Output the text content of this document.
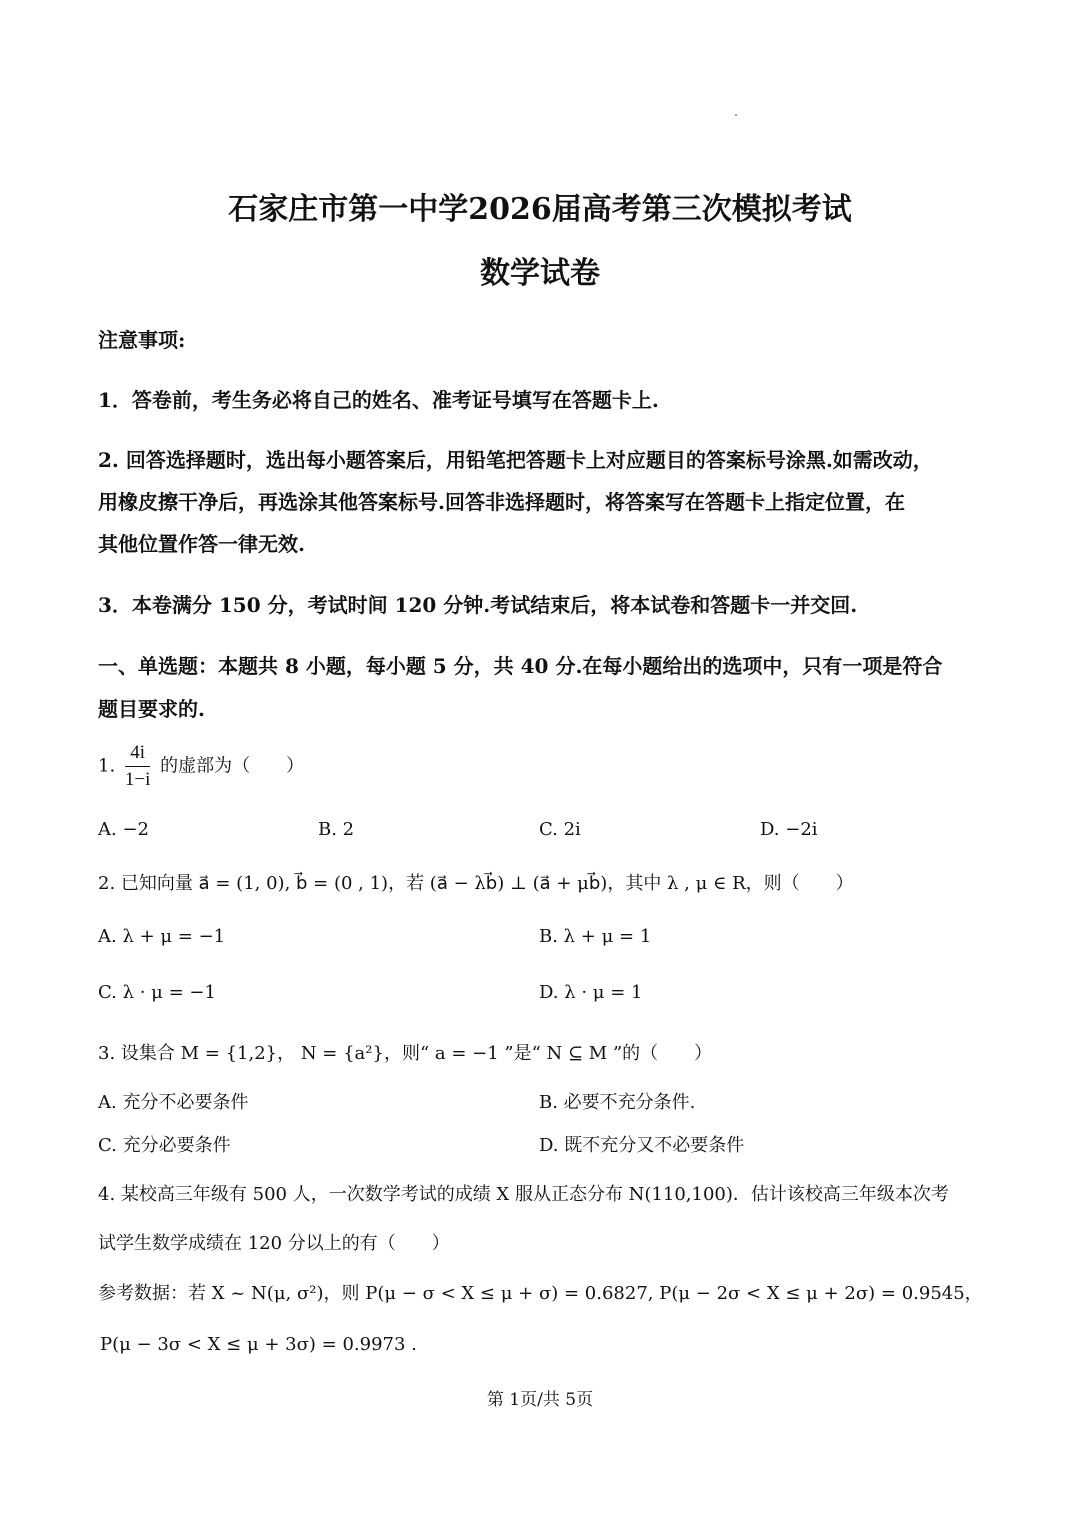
石家庄市第一中学2026届高考第三次模拟考试
数学试卷
注意事项:
1．答卷前，考生务必将自己的姓名、准考证号填写在答题卡上.
2. 回答选择题时，选出每小题答案后，用铅笔把答题卡上对应题目的答案标号涂黑.如需改动，
用橡皮擦干净后，再选涂其他答案标号.回答非选择题时，将答案写在答题卡上指定位置，在
其他位置作答一律无效.
3．本卷满分 150 分，考试时间 120 分钟.考试结束后，将本试卷和答题卡一并交回.
一、单选题：本题共 8 小题，每小题 5 分，共 40 分.在每小题给出的选项中，只有一项是符合
题目要求的.
1. $\frac{4i}{1-i}$ 的虚部为（　　）
A. −2	B. 2	C. 2i	D. −2i
2. 已知向量 a⃗ = (1, 0), b⃗ = (0 , 1)，若 (a⃗ − λb⃗) ⊥ (a⃗ + μb⃗)，其中 λ , μ ∈ R，则（　　）
A. λ + μ = −1	B. λ + μ = 1
C. λ · μ = −1	D. λ · μ = 1
3. 设集合 M = {1,2}， N = {a²}，则“ a = −1 ”是“ N ⊆ M ”的（　　）
A. 充分不必要条件	B. 必要不充分条件.
C. 充分必要条件	D. 既不充分又不必要条件
4. 某校高三年级有 500 人，一次数学考试的成绩 X 服从正态分布 N(110,100)．估计该校高三年级本次考
试学生数学成绩在 120 分以上的有（　　）
参考数据：若 X ~ N(μ, σ²)，则 P(μ − σ < X ≤ μ + σ) = 0.6827, P(μ − 2σ < X ≤ μ + 2σ) = 0.9545，
P(μ − 3σ < X ≤ μ + 3σ) = 0.9973 .
第 1页/共 5页
